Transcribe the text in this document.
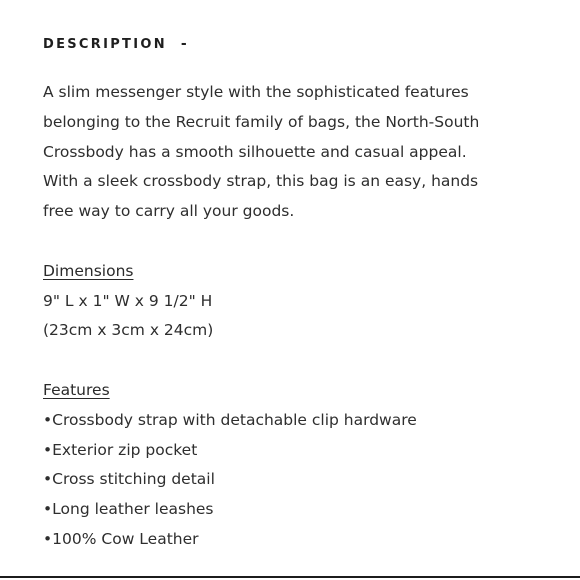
DESCRIPTION -

A slim messenger style with the sophisticated features

belonging to the Recruit family of bags, the North-South

Crossbody has a smooth silhouette and casual appeal.

With a sleek crossbody strap, this bag is an easy, hands

free way to carry all your goods.

Dimensions

9" L x 1" W x 9 1/2" H

(23cm x 3cm x 24cm)

Features

•Crossbody strap with detachable clip hardware
•Exterior zip pocket
•Cross stitching detail
•Long leather leashes
•100% Cow Leather
